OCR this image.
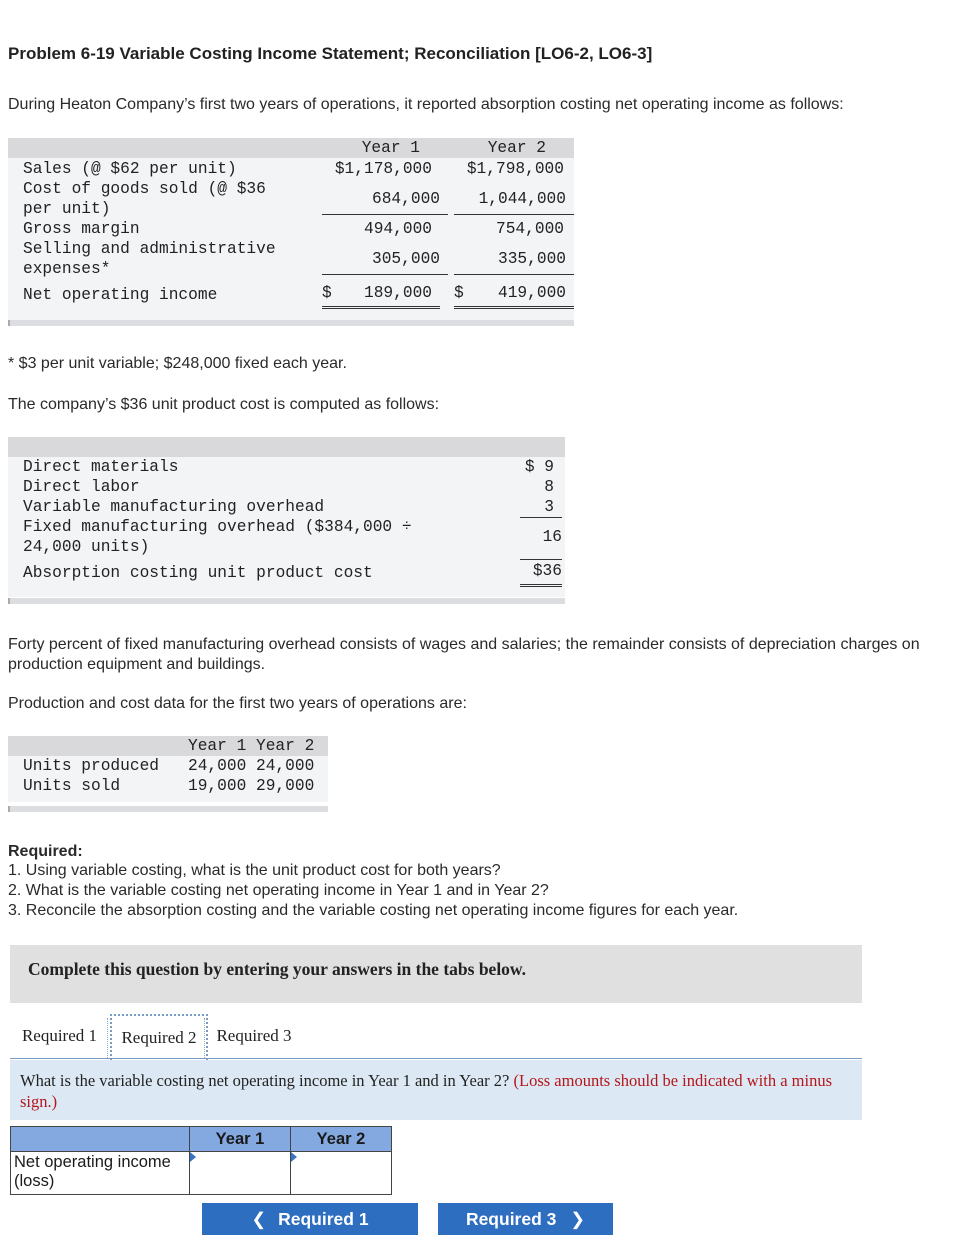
Problem 6-19 Variable Costing Income Statement; Reconciliation [LO6-2, LO6-3]
During Heaton Company’s first two years of operations, it reported absorption costing net operating income as follows:
Year 1	Year 2
Sales (@ $62 per unit)	$1,178,000	$1,798,000
Cost of goods sold (@ $36
per unit)
684,000	1,044,000
Gross margin	494,000	754,000
Selling and administrative
expenses*
305,000	335,000
Net operating income	$ 189,000 $ 419,000
* $3 per unit variable; $248,000 fixed each year.
The company’s $36 unit product cost is computed as follows:
Direct materials	$ 9
Direct labor	8
Variable manufacturing overhead	3
Fixed manufacturing overhead ($384,000 ÷
24,000 units)
16
Absorption costing unit product cost	$36
Forty percent of fixed manufacturing overhead consists of wages and salaries; the remainder consists of depreciation charges on production equipment and buildings.
Production and cost data for the first two years of operations are:
Year 1 Year 2
Units produced 24,000 24,000
Units sold	19,000 29,000
Required:
1. Using variable costing, what is the unit product cost for both years?
2. What is the variable costing net operating income in Year 1 and in Year 2?
3. Reconcile the absorption costing and the variable costing net operating income figures for each year.
Complete this question by entering your answers in the tabs below.
Required 1	Required 2	Required 3

What is the variable costing net operating income in Year 1 and in Year 2? (Loss amounts should be indicated with a minus sign.)

	Year 1	Year 2
Net operating income (loss)	

❮ Required 1	Required 3 ❯
